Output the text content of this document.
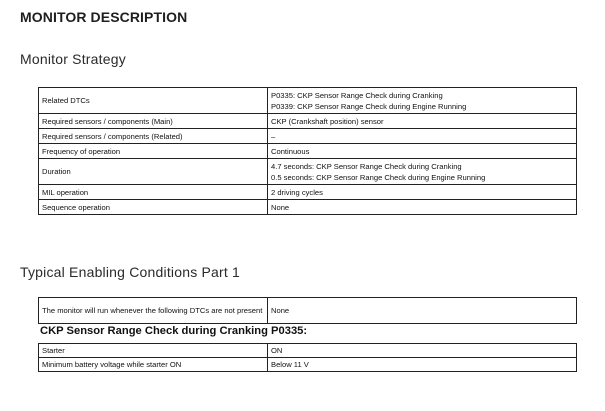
MONITOR DESCRIPTION
Monitor Strategy
Related DTCs	P0335: CKP Sensor Range Check during Cranking
P0339: CKP Sensor Range Check during Engine Running

Required sensors / components (Main)	CKP (Crankshaft position) sensor
Required sensors / components (Related)	–
Frequency of operation	Continuous
Duration	4.7 seconds: CKP Sensor Range Check during Cranking
0.5 seconds: CKP Sensor Range Check during Engine Running

MIL operation	2 driving cycles
Sequence operation	None
Typical Enabling Conditions Part 1
The monitor will run whenever the following DTCs are not present	None
CKP Sensor Range Check during Cranking P0335:
Starter	ON
Minimum battery voltage while starter ON	Below 11 V
